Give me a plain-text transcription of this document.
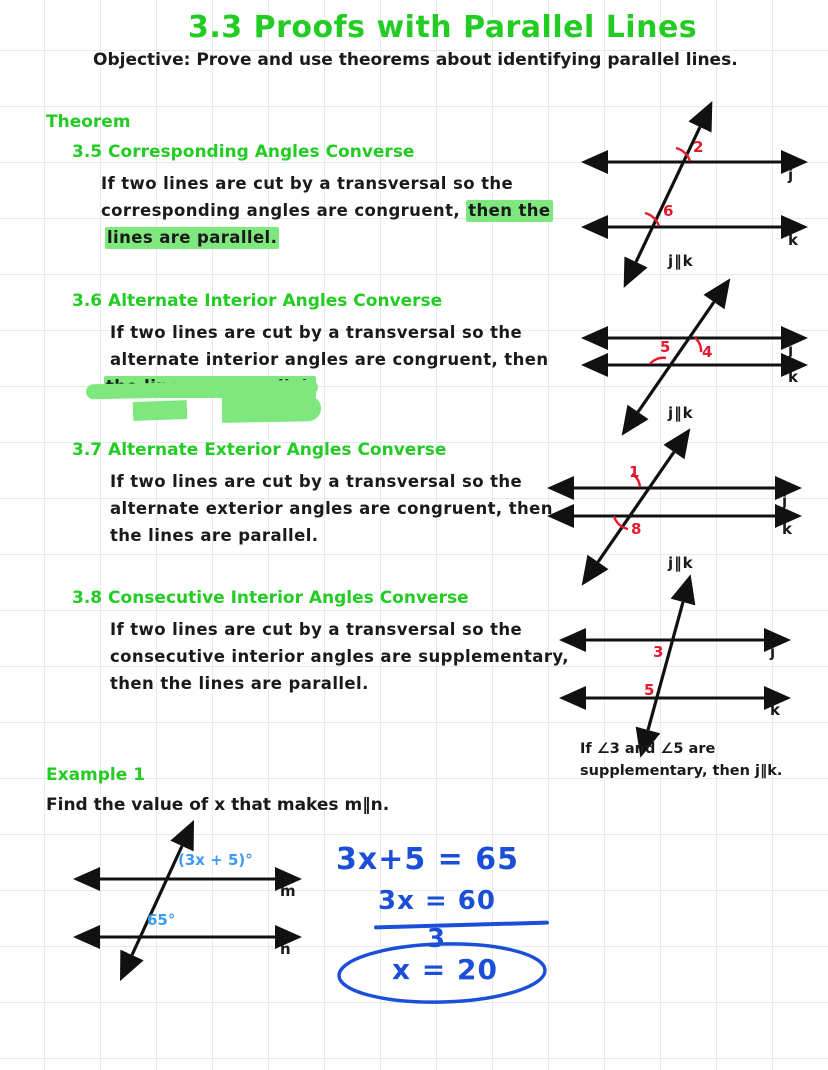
3.3 Proofs with Parallel Lines
Objective: Prove and use theorems about identifying parallel lines.
Theorem
3.5 Corresponding Angles Converse
If two lines are cut by a transversal so the
corresponding angles are congruent, then the
lines are parallel.
3.6 Alternate Interior Angles Converse
If two lines are cut by a transversal so the
alternate interior angles are congruent, then
3.7 Alternate Exterior Angles Converse
If two lines are cut by a transversal so the
alternate exterior angles are congruent, then
the lines are parallel.
3.8 Consecutive Interior Angles Converse
If two lines are cut by a transversal so the
consecutive interior angles are supplementary,
then the lines are parallel.
2
6
j
k
j‖k
5 4	j
k
j‖k
1
8
j
k
j‖k
3
5
j
k
If ∠3 and ∠5 are
supplementary, then j‖k.
Example 1
Find the value of x that makes m‖n.
(3x + 5)°
65°
m
n
3x+5 = 65
3x = 60
3
x = 20
